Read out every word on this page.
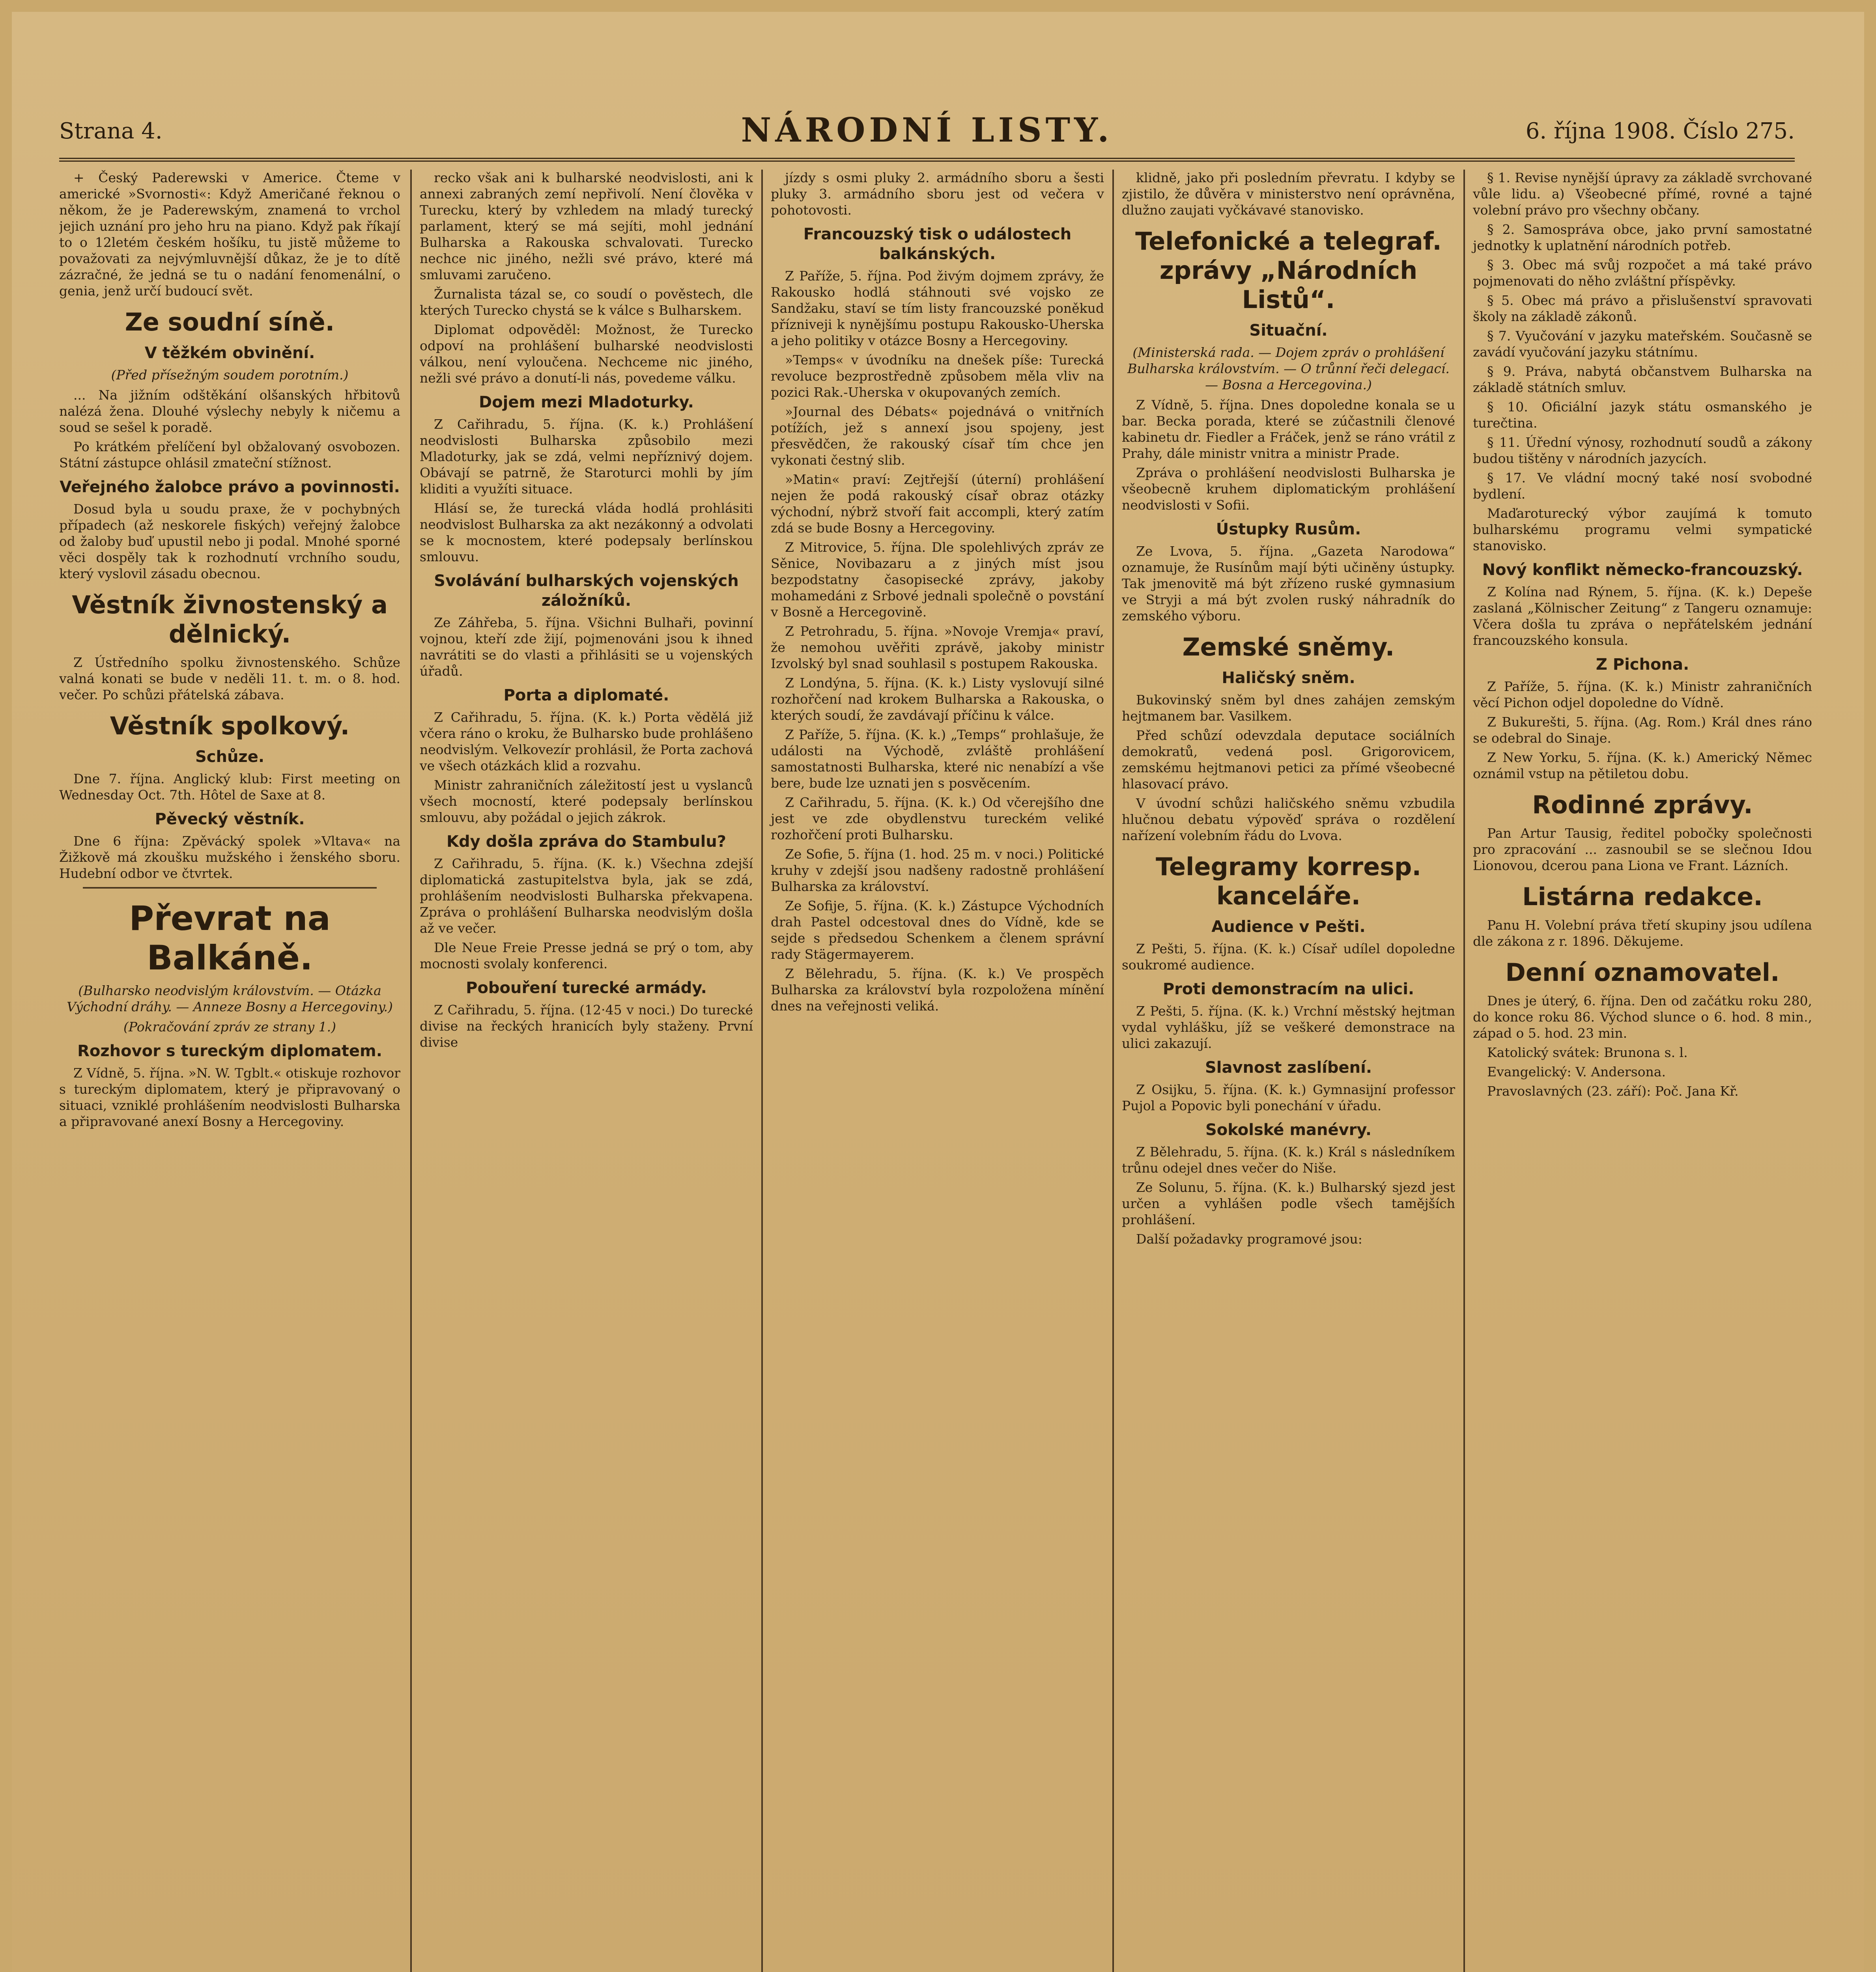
Strana 4.	NÁRODNÍ LISTY.	6. října 1908. Číslo 275.

+ Český Paderewski v Americe. Čteme v americké »Svornosti«: Když Američané řeknou o někom, že je Paderewským, znamená to vrchol jejich uznání pro jeho hru na piano. Když pak říkají to o 12letém českém hošíku, tu jistě můžeme to považovati za nejvýmluvnější důkaz, že je to dítě zázračné, že jedná se tu o nadání fenomenální, o genia, jenž určí budoucí svět.

Ze soudní síně.
V těžkém obvinění.
(Před přísežným soudem porotním.)

... Na jižním odštěkání olšanských hřbitovů nalézá žena. Dlouhé výslechy nebyly k ničemu a soud se sešel k poradě.

Po krátkém přelíčení byl obžalovaný osvobozen. Státní zástupce ohlásil zmateční stížnost.

Veřejného žalobce právo a povinnosti.

Dosud byla u soudu praxe, že v pochybných případech (až neskorele fiských) veřejný žalobce od žaloby buď upustil nebo ji podal. Mnohé sporné věci dospěly tak k rozhodnutí vrchního soudu, který vyslovil zásadu obecnou.

Věstník živnostenský a dělnický.

Z Ústředního spolku živnostenského. Schůze valná konati se bude v neděli 11. t. m. o 8. hod. večer. Po schůzi přátelská zábava.

Věstník spolkový.
Schůze.

Dne 7. října. Anglický klub: First meeting on Wednesday Oct. 7th. Hôtel de Saxe at 8.

Pěvecký věstník.

Dne 6 října: Zpěvácký spolek »Vltava« na Žižkově má zkoušku mužského i ženského sboru. Hudební odbor ve čtvrtek.

Převrat na Balkáně.
(Bulharsko neodvislým královstvím. — Otázka Východní dráhy. — Anneze Bosny a Hercegoviny.)
(Pokračování zpráv ze strany 1.)
Rozhovor s tureckým diplomatem.

Z Vídně, 5. října. »N. W. Tgblt.« otiskuje rozhovor s tureckým diplomatem, který je připravovaný o situaci, vzniklé prohlášením neodvislosti Bulharska a připravované anexí Bosny a Hercegoviny.

recko však ani k bulharské neodvislosti, ani k annexi zabraných zemí nepřivolí. Není člověka v Turecku, který by vzhledem na mladý turecký parlament, který se má sejíti, mohl jednání Bulharska a Rakouska schvalovati. Turecko nechce nic jiného, nežli své právo, které má smluvami zaručeno.

Žurnalista tázal se, co soudí o pověstech, dle kterých Turecko chystá se k válce s Bulharskem.

Diplomat odpověděl: Možnost, že Turecko odpoví na prohlášení bulharské neodvislosti válkou, není vyloučena. Nechceme nic jiného, nežli své právo a donutí-li nás, povedeme válku.

Dojem mezi Mladoturky.

Z Cařihradu, 5. října. (K. k.) Prohlášení neodvislosti Bulharska způsobilo mezi Mladoturky, jak se zdá, velmi nepříznivý dojem. Obávají se patrně, že Staroturci mohli by jím kliditi a využíti situace.

Hlásí se, že turecká vláda hodlá prohlásiti neodvislost Bulharska za akt nezákonný a odvolati se k mocnostem, které podepsaly berlínskou smlouvu.

Svolávání bulharských vojenských záložníků.

Ze Záhřeba, 5. října. Všichni Bulhaři, povinní vojnou, kteří zde žijí, pojmenováni jsou k ihned navrátiti se do vlasti a přihlásiti se u vojenských úřadů.

Porta a diplomaté.

Z Cařihradu, 5. října. (K. k.) Porta vědělá již včera ráno o kroku, že Bulharsko bude prohlášeno neodvislým. Velkovezír prohlásil, že Porta zachová ve všech otázkách klid a rozvahu.

Ministr zahraničních záležitostí jest u vyslanců všech mocností, které podepsaly berlínskou smlouvu, aby požádal o jejich zákrok.

Kdy došla zpráva do Stambulu?

Z Cařihradu, 5. října. (K. k.) Všechna zdejší diplomatická zastupitelstva byla, jak se zdá, prohlášením neodvislosti Bulharska překvapena. Zpráva o prohlášení Bulharska neodvislým došla až ve večer.

Dle Neue Freie Presse jedná se prý o tom, aby mocnosti svolaly konferenci.

Pobouření turecké armády.

Z Cařihradu, 5. října. (12·45 v noci.) Do turecké divise na řeckých hranicích byly staženy. První divise

jízdy s osmi pluky 2. armádního sboru a šesti pluky 3. armádního sboru jest od večera v pohotovosti.

Francouzský tisk o událostech balkánských.

Z Paříže, 5. října. Pod živým dojmem zprávy, že Rakousko hodlá stáhnouti své vojsko ze Sandžaku, staví se tím listy francouzské poněkud přízniveji k nynějšímu postupu Rakousko-Uherska a jeho politiky v otázce Bosny a Hercegoviny.

»Temps« v úvodníku na dnešek píše: Turecká revoluce bezprostředně způsobem měla vliv na pozici Rak.-Uherska v okupovaných zemích.

»Journal des Débats« pojednává o vnitřních potížích, jež s annexí jsou spojeny, jest přesvědčen, že rakouský císař tím chce jen vykonati čestný slib.

»Matin« praví: Zejtřejší (úterní) prohlášení nejen že podá rakouský císař obraz otázky východní, nýbrž stvoří fait accompli, který zatím zdá se bude Bosny a Hercegoviny.

Z Mitrovice, 5. října. Dle spolehlivých zpráv ze Sěnice, Novibazaru a z jiných míst jsou bezpodstatny časopisecké zprávy, jakoby mohamedáni z Srbové jednali společně o povstání v Bosně a Hercegovině.

Z Petrohradu, 5. října. »Novoje Vremja« praví, že nemohou uvěřiti zprávě, jakoby ministr Izvolský byl snad souhlasil s postupem Rakouska.

Z Londýna, 5. října. (K. k.) Listy vyslovují silné rozhořčení nad krokem Bulharska a Rakouska, o kterých soudí, že zavdávají příčinu k válce.

Z Paříže, 5. října. (K. k.) „Temps“ prohlašuje, že události na Východě, zvláště prohlášení samostatnosti Bulharska, které nic nenabízí a vše bere, bude lze uznati jen s posvěcením.

Z Cařihradu, 5. října. (K. k.) Od včerejšího dne jest ve zde obydlenstvu tureckém veliké rozhořčení proti Bulharsku.

Ze Sofie, 5. října (1. hod. 25 m. v noci.) Politické kruhy v zdejší jsou nadšeny radostně prohlášení Bulharska za království.

Ze Sofije, 5. října. (K. k.) Zástupce Východních drah Pastel odcestoval dnes do Vídně, kde se sejde s předsedou Schenkem a členem správní rady Stägermayerem.

Z Bělehradu, 5. října. (K. k.) Ve prospěch Bulharska za království byla rozpoložena mínění dnes na veřejnosti veliká.

klidně, jako při posledním převratu. I kdyby se zjistilo, že důvěra v ministerstvo není oprávněna, dlužno zaujati vyčkávavé stanovisko.

Telefonické a telegraf. zprávy „Národních Listů“.
Situační.
(Ministerská rada. — Dojem zpráv o prohlášení Bulharska královstvím. — O trůnní řeči delegací. — Bosna a Hercegovina.)

Z Vídně, 5. října. Dnes dopoledne konala se u bar. Becka porada, které se zúčastnili členové kabinetu dr. Fiedler a Fráček, jenž se ráno vrátil z Prahy, dále ministr vnitra a ministr Prade.

Zpráva o prohlášení neodvislosti Bulharska je všeobecně kruhem diplomatickým prohlášení neodvislosti v Sofii.

Ústupky Rusům.

Ze Lvova, 5. října. „Gazeta Narodowa“ oznamuje, že Rusínům mají býti učiněny ústupky. Tak jmenovitě má být zřízeno ruské gymnasium ve Stryji a má být zvolen ruský náhradník do zemského výboru.

Zemské sněmy.
Haličský sněm.

Bukovinský sněm byl dnes zahájen zemským hejtmanem bar. Vasilkem.

Před schůzí odevzdala deputace sociálních demokratů, vedená posl. Grigorovicem, zemskému hejtmanovi petici za přímé všeobecné hlasovací právo.

V úvodní schůzi haličského sněmu vzbudila hlučnou debatu výpověď správa o rozdělení nařízení volebním řádu do Lvova.

Telegramy korresp. kanceláře.
Audience v Pešti.

Z Pešti, 5. října. (K. k.) Císař udílel dopoledne soukromé audience.

Proti demonstracím na ulici.

Z Pešti, 5. října. (K. k.) Vrchní městský hejtman vydal vyhlášku, jíž se veškeré demonstrace na ulici zakazují.

Slavnost zaslíbení.

Z Osijku, 5. října. (K. k.) Gymnasijní professor Pujol a Popovic byli ponechání v úřadu.

Sokolské manévry.

Z Bělehradu, 5. října. (K. k.) Král s následníkem trůnu odejel dnes večer do Niše.

Ze Solunu, 5. října. (K. k.) Bulharský sjezd jest určen a vyhlášen podle všech tamějších prohlášení.

Další požadavky programové jsou:

§ 1. Revise nynější úpravy za základě svrchované vůle lidu. a) Všeobecné přímé, rovné a tajné volební právo pro všechny občany.

§ 2. Samospráva obce, jako první samostatné jednotky k uplatnění národních potřeb.

§ 3. Obec má svůj rozpočet a má také právo pojmenovati do něho zvláštní příspěvky.

§ 5. Obec má právo a přislušenství spravovati školy na základě zákonů.

§ 7. Vyučování v jazyku mateřském. Současně se zavádí vyučování jazyku státnímu.

§ 9. Práva, nabytá občanstvem Bulharska na základě státních smluv.

§ 10. Oficiální jazyk státu osmanského je turečtina.

§ 11. Úřední výnosy, rozhodnutí soudů a zákony budou tištěny v národních jazycích.

§ 17. Ve vládní mocný také nosí svobodné bydlení.

Maďaroturecký výbor zaujímá k tomuto bulharskému programu velmi sympatické stanovisko.

Nový konflikt německo-francouzský.

Z Kolína nad Rýnem, 5. října. (K. k.) Depeše zaslaná „Kölnischer Zeitung“ z Tangeru oznamuje: Včera došla tu zpráva o nepřátelském jednání francouzského konsula.

Z Pichona.

Z Paříže, 5. října. (K. k.) Ministr zahraničních věcí Pichon odjel dopoledne do Vídně.

Z Bukurešti, 5. října. (Ag. Rom.) Král dnes ráno se odebral do Sinaje.

Z New Yorku, 5. října. (K. k.) Americký Němec oznámil vstup na pětiletou dobu.

Rodinné zprávy.

Pan Artur Tausig, ředitel pobočky společnosti pro zpracování ... zasnoubil se se slečnou Idou Lionovou, dcerou pana Liona ve Frant. Lázních.

Listárna redakce.

Panu H. Volební práva třetí skupiny jsou udílena dle zákona z r. 1896. Děkujeme.

Denní oznamovatel.

Dnes je úterý, 6. října. Den od začátku roku 280, do konce roku 86. Východ slunce o 6. hod. 8 min., západ o 5. hod. 23 min.

Katolický svátek: Brunona s. l.

Evangelický: V. Andersona.

Pravoslavných (23. září): Poč. Jana Kř.
